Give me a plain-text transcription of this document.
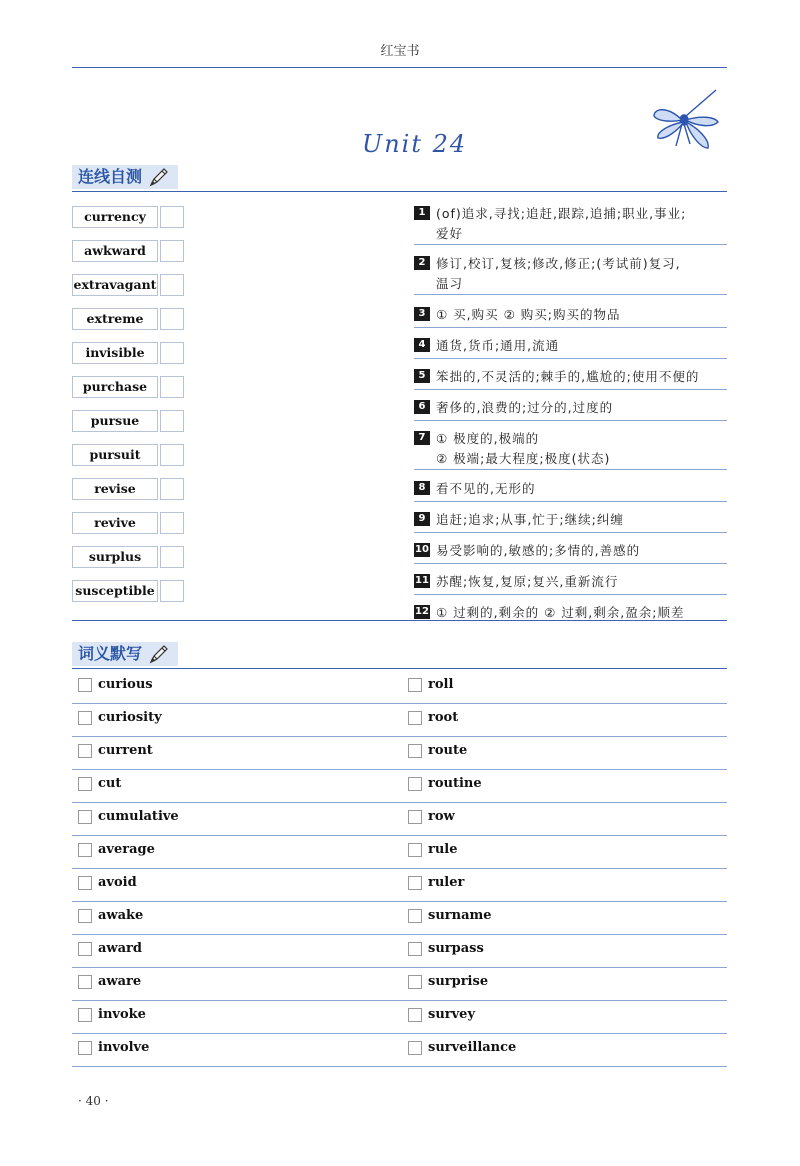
红宝书
Unit 24
连线自测
currency
awkward
extravagant
extreme
invisible
purchase
pursue
pursuit
revise
revive
surplus
susceptible
1 (of)追求,寻找;追赶,跟踪,追捕;职业,事业;
爱好
2 修订,校订,复核;修改,修正;(考试前)复习,
温习
3 ① 买,购买 ② 购买;购买的物品
4 通货,货币;通用,流通
5 笨拙的,不灵活的;棘手的,尴尬的;使用不便的
6 奢侈的,浪费的;过分的,过度的
7 ① 极度的,极端的
② 极端;最大程度;极度(状态)
8 看不见的,无形的
9 追赶;追求;从事,忙于;继续;纠缠
10 易受影响的,敏感的;多情的,善感的
11 苏醒;恢复,复原;复兴,重新流行
12 ① 过剩的,剩余的 ② 过剩,剩余,盈余;顺差
词义默写
curious	roll
curiosity	root
current	route
cut	routine
cumulative	row
average	rule
avoid	ruler
awake	surname
award	surpass
aware	surprise
invoke	survey
involve	surveillance
· 40 ·
